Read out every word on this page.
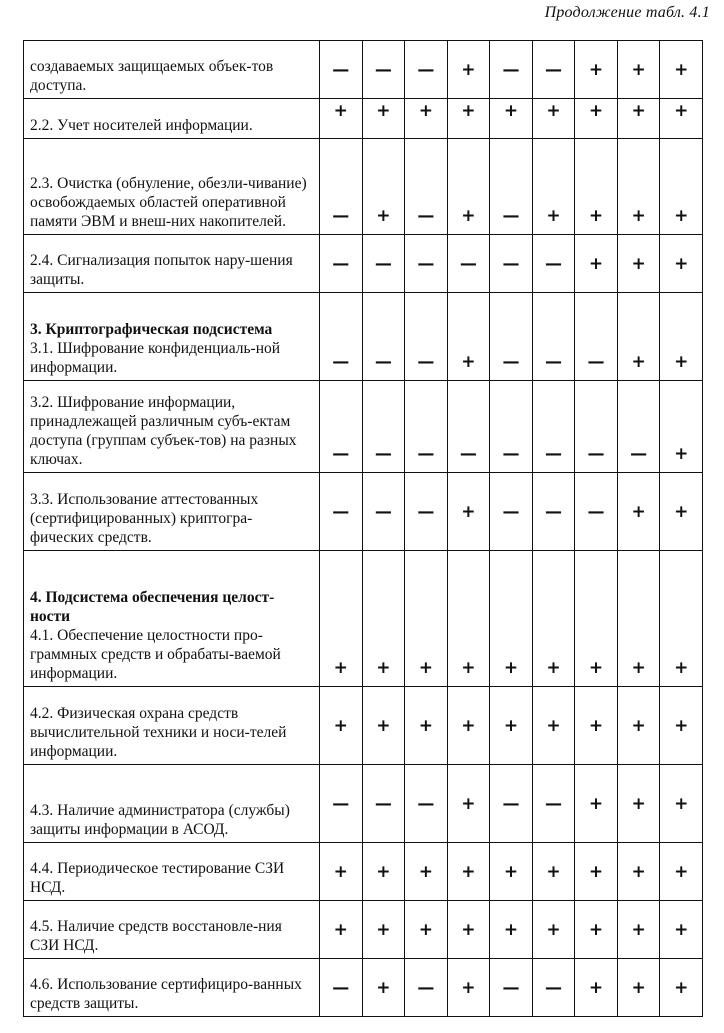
Продолжение табл. 4.1
создаваемых защищаемых объек-тов доступа.	—	—	—	+	—	—	+	+	+

2.2. Учет носителей информации.	+	+	+	+	+	+	+	+	+

2.3. Очистка (обнуление, обезли-чивание) освобождаемых областей оперативной памяти ЭВМ и внеш-них накопителей.	—	+	—	+	—	+	+	+	+

2.4. Сигнализация попыток нару-шения защиты.	—	—	—	—	—	—	+	+	+

3. Криптографическая подсистема
3.1. Шифрование конфиденциаль-ной информации.	—	—	—	+	—	—	—	+	+

3.2. Шифрование информации, принадлежащей различным субъ-ектам доступа (группам субъек-тов) на разных ключах.	—	—	—	—	—	—	—	—	+

3.3. Использование аттестованных (сертифицированных) криптогра-фических средств.	—	—	—	+	—	—	—	+	+

4. Подсистема обеспечения целост-ности
4.1. Обеспечение целостности про-граммных средств и обрабаты-ваемой информации.	+	+	+	+	+	+	+	+	+

4.2. Физическая охрана средств вычислительной техники и носи-телей информации.	+	+	+	+	+	+	+	+	+

4.3. Наличие администратора (службы) защиты информации в АСОД.	—	—	—	+	—	—	+	+	+

4.4. Периодическое тестирование СЗИ НСД.	+	+	+	+	+	+	+	+	+

4.5. Наличие средств восстановле-ния СЗИ НСД.	+	+	+	+	+	+	+	+	+

4.6. Использование сертифициро-ванных средств защиты.	—	+	—	+	—	—	+	+	+
